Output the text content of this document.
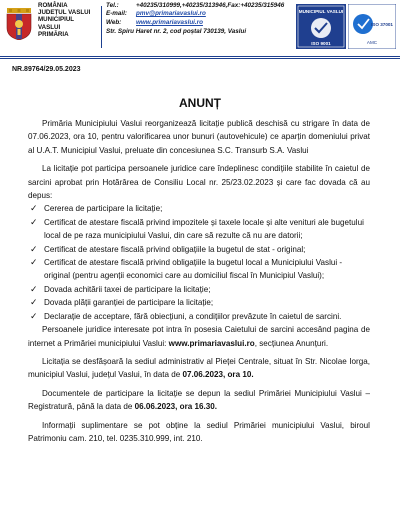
ROMÂNIA
JUDEȚUL VASLUI
MUNICIPIUL
VASLUI
PRIMĂRIA
Tel.:	+40235/310999,+40235/313946,Fax:+40235/315946
E-mail: pmv@primariavaslui.ro
Web: www.primariavaslui.ro
Str. Spiru Haret nr. 2, cod poștal 730139, Vaslui
MUNICIPIUL VASLUI
ISO 9001
ISO 37001
AMC
NR.89764/29.05.2023
ANUNȚ

Primăria Municipiului Vaslui reorganizează licitație publică deschisă cu strigare în data de 07.06.2023, ora 10, pentru valorificarea unor bunuri (autovehicule) ce aparțin domeniului privat al U.A.T. Municipiul Vaslui, preluate din concesiunea S.C. Transurb S.A. Vaslui

La licitație pot participa persoanele juridice care îndeplinesc condițiile stabilite în caietul de sarcini aprobat prin Hotărârea de Consiliu Local nr. 25/23.02.2023 și care fac dovada că au depus:

✓ Cererea de participare la licitație;
✓ Certificat de atestare fiscală privind impozitele și taxele locale și alte venituri ale bugetului local de pe raza municipiului Vaslui, din care să rezulte că nu are datorii;
✓ Certificat de atestare fiscală privind obligațiile la bugetul de stat - original;
✓ Certificat de atestare fiscală privind obligațiile la bugetul local a Municipiului Vaslui - original (pentru agenții economici care au domiciliul fiscal în Municipiul Vaslui);
✓ Dovada achitării taxei de participare la licitație;
✓ Dovada plății garanției de participare la licitație;
✓ Declarație de acceptare, fără obiecțiuni, a condițiilor prevăzute în caietul de sarcini.

Persoanele juridice interesate pot intra în posesia Caietului de sarcini accesând pagina de internet a Primăriei municipiului Vaslui: www.primariavaslui.ro, secțiunea Anunțuri.

Licitația se desfășoară la sediul administrativ al Pieței Centrale, situat în Str. Nicolae Iorga, municipiul Vaslui, județul Vaslui, în data de 07.06.2023, ora 10.

Documentele de participare la licitație se depun la sediul Primăriei Municipiului Vaslui – Registratură, până la data de 06.06.2023, ora 16.30.

Informații suplimentare se pot obține la sediul Primăriei municipiului Vaslui, biroul Patrimoniu cam. 210, tel. 0235.310.999, int. 210.
